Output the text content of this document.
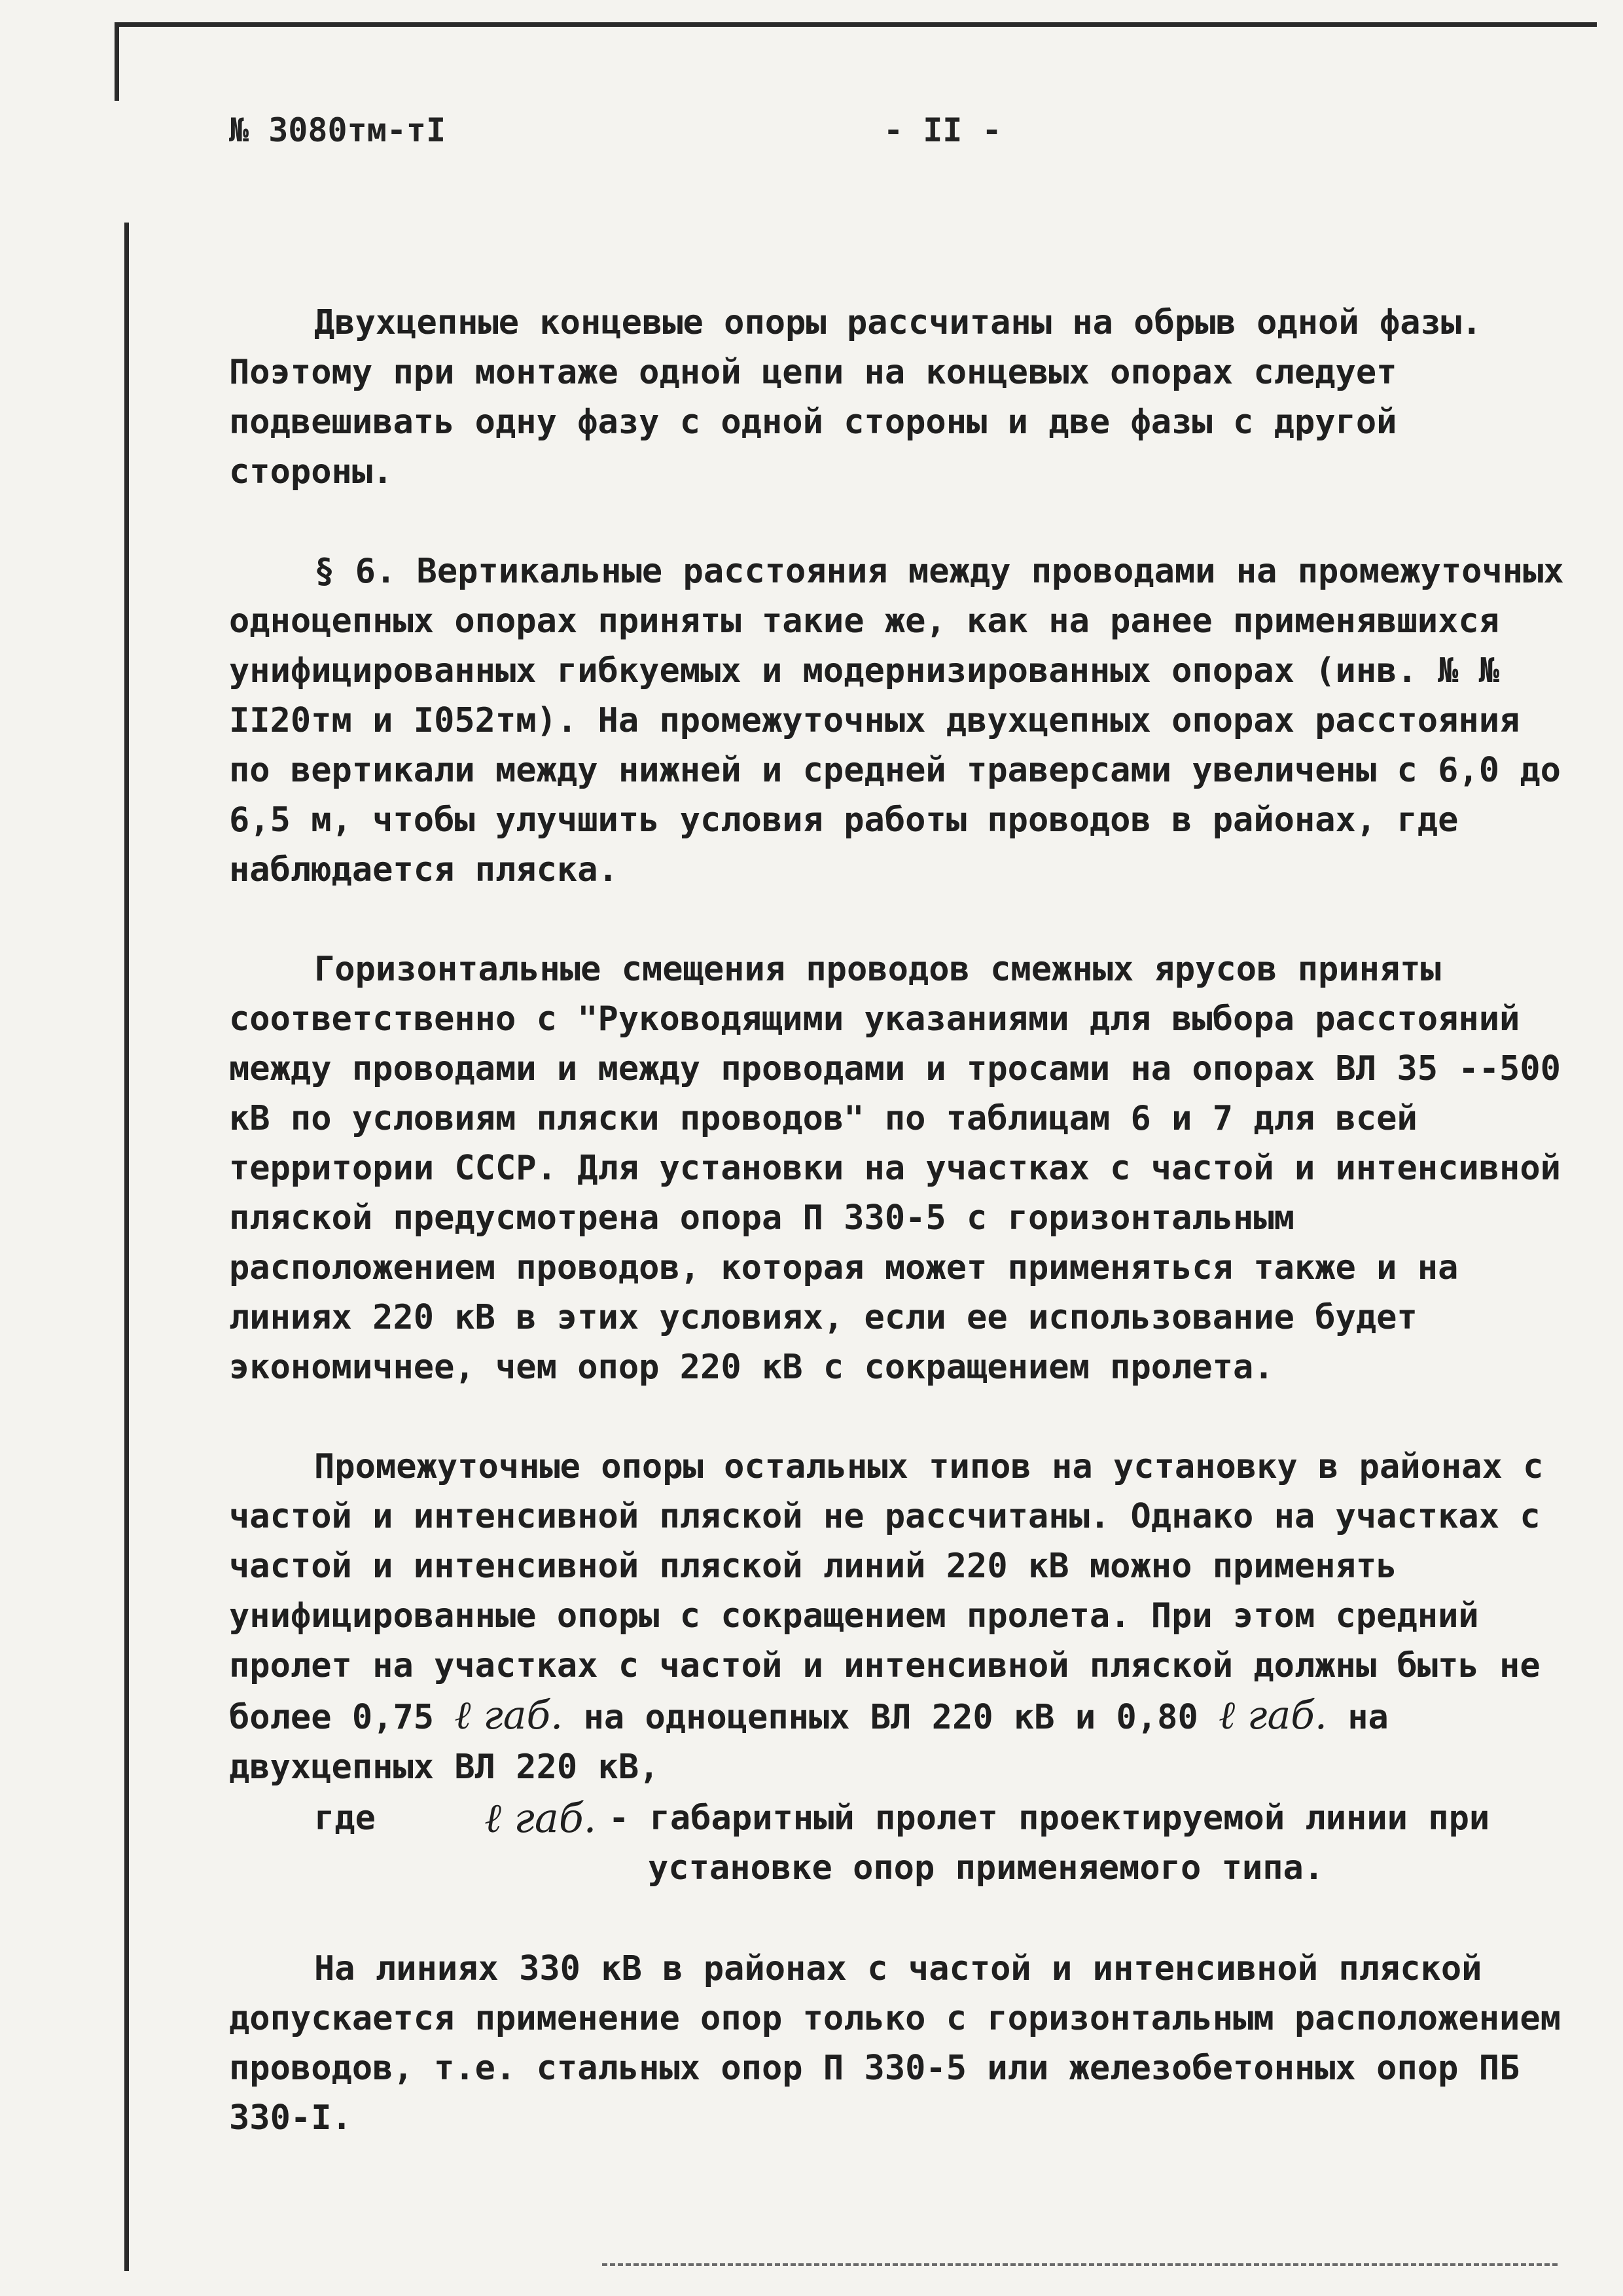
№ 3080тм-тI	- II -

Двухцепные концевые опоры рассчитаны на обрыв одной фазы. Поэтому при монтаже одной цепи на концевых опорах следует подвешивать одну фазу с одной стороны и две фазы с другой стороны.

§ 6. Вертикальные расстояния между проводами на промежуточных одноцепных опорах приняты такие же, как на ранее применявшихся унифицированных гибкуемых и модернизированных опорах (инв. № № II20тм и I052тм). На промежуточных двухцепных опорах расстояния по вертикали между нижней и средней траверсами увеличены с 6,0 до 6,5 м, чтобы улучшить условия работы проводов в районах, где наблюдается пляска.

Горизонтальные смещения проводов смежных ярусов приняты соответственно с "Руководящими указаниями для выбора расстояний между проводами и между проводами и тросами на опорах ВЛ 35 --500 кВ по условиям пляски проводов" по таблицам 6 и 7 для всей территории СССР. Для установки на участках с частой и интенсивной пляской предусмотрена опора П 330-5 с горизонтальным расположением проводов, которая может применяться также и на линиях 220 кВ в этих условиях, если ее использование будет экономичнее, чем опор 220 кВ с сокращением пролета.

Промежуточные опоры остальных типов на установку в районах с частой и интенсивной пляской не рассчитаны. Однако на участках с частой и интенсивной пляской линий 220 кВ можно применять унифицированные опоры с сокращением пролета. При этом средний пролет на участках с частой и интенсивной пляской должны быть не более 0,75 ℓ габ. на одноцепных ВЛ 220 кВ и 0,80 ℓ габ. на двухцепных ВЛ 220 кВ,

где	ℓ габ. - габаритный пролет проектируемой линии при
установке опор применяемого типа.

На линиях 330 кВ в районах с частой и интенсивной пляской допускается применение опор только с горизонтальным расположением проводов, т.е. стальных опор П 330-5 или железобетонных опор ПБ 330-I.
